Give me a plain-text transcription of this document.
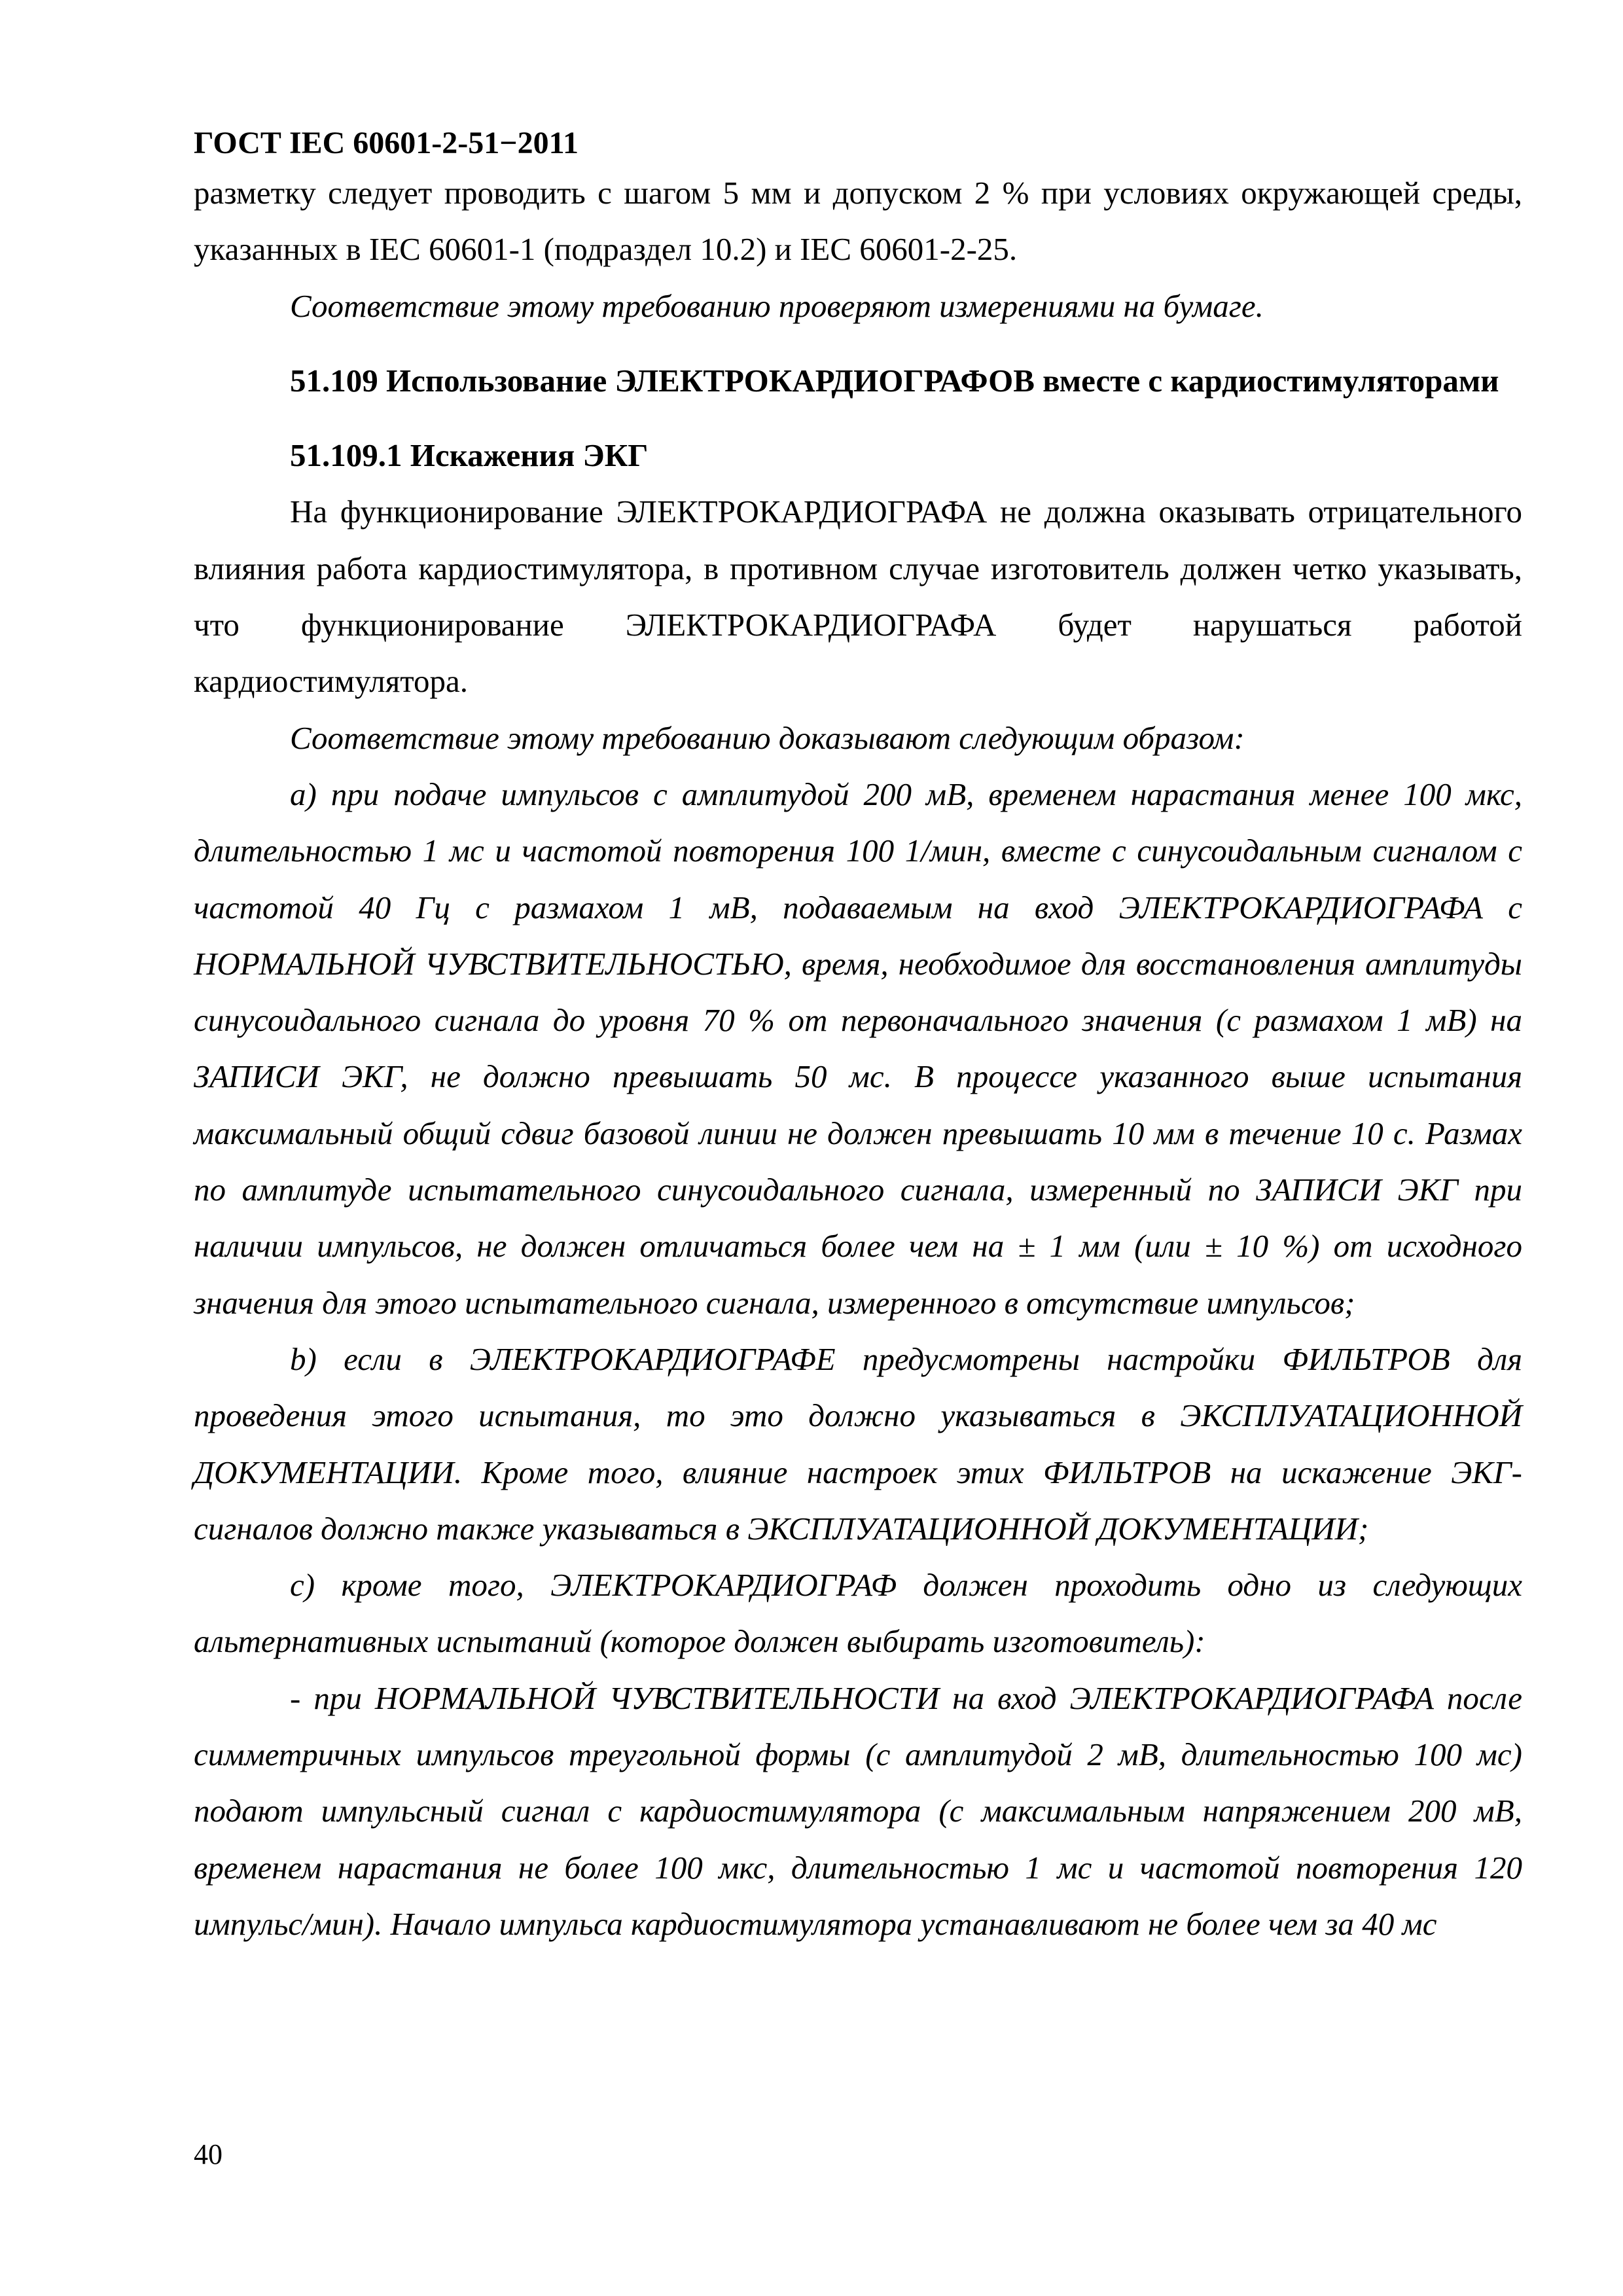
ГОСТ IEC 60601-2-51−2011

разметку следует проводить с шагом 5 мм и допуском 2 % при условиях окружающей среды, указанных в IEC 60601-1 (подраздел 10.2) и IEC 60601-2-25.

Соответствие этому требованию проверяют измерениями на бумаге.

51.109 Использование ЭЛЕКТРОКАРДИОГРАФОВ вместе с кардиостимуляторами

51.109.1 Искажения ЭКГ

На функционирование ЭЛЕКТРОКАРДИОГРАФА не должна оказывать отрицательного влияния работа кардиостимулятора, в противном случае изготовитель должен четко указывать, что функционирование ЭЛЕКТРОКАРДИОГРАФА будет нарушаться работой кардиостимулятора.

Соответствие этому требованию доказывают следующим образом:

a) при подаче импульсов с амплитудой 200 мВ, временем нарастания менее 100 мкс, длительностью 1 мс и частотой повторения 100 1/мин, вместе с синусоидальным сигналом с частотой 40 Гц с размахом 1 мВ, подаваемым на вход ЭЛЕКТРОКАРДИОГРАФА с НОРМАЛЬНОЙ ЧУВСТВИТЕЛЬНОСТЬЮ, время, необходимое для восстановления амплитуды синусоидального сигнала до уровня 70 % от первоначального значения (с размахом 1 мВ) на ЗАПИСИ ЭКГ, не должно превышать 50 мс. В процессе указанного выше испытания максимальный общий сдвиг базовой линии не должен превышать 10 мм в течение 10 с. Размах по амплитуде испытательного синусоидального сигнала, измеренный по ЗАПИСИ ЭКГ при наличии импульсов, не должен отличаться более чем на ± 1 мм (или ± 10 %) от исходного значения для этого испытательного сигнала, измеренного в отсутствие импульсов;

b) если в ЭЛЕКТРОКАРДИОГРАФЕ предусмотрены настройки ФИЛЬТРОВ для проведения этого испытания, то это должно указываться в ЭКСПЛУАТАЦИОННОЙ ДОКУМЕНТАЦИИ. Кроме того, влияние настроек этих ФИЛЬТРОВ на искажение ЭКГ-сигналов должно также указываться в ЭКСПЛУАТАЦИОННОЙ ДОКУМЕНТАЦИИ;

c) кроме того, ЭЛЕКТРОКАРДИОГРАФ должен проходить одно из следующих альтернативных испытаний (которое должен выбирать изготовитель):

- при НОРМАЛЬНОЙ ЧУВСТВИТЕЛЬНОСТИ на вход ЭЛЕКТРОКАРДИОГРАФА после симметричных импульсов треугольной формы (с амплитудой 2 мВ, длительностью 100 мс) подают импульсный сигнал с кардиостимулятора (с максимальным напряжением 200 мВ, временем нарастания не более 100 мкс, длительностью 1 мс и частотой повторения 120 импульс/мин). Начало импульса кардиостимулятора устанавливают не более чем за 40 мс

40
